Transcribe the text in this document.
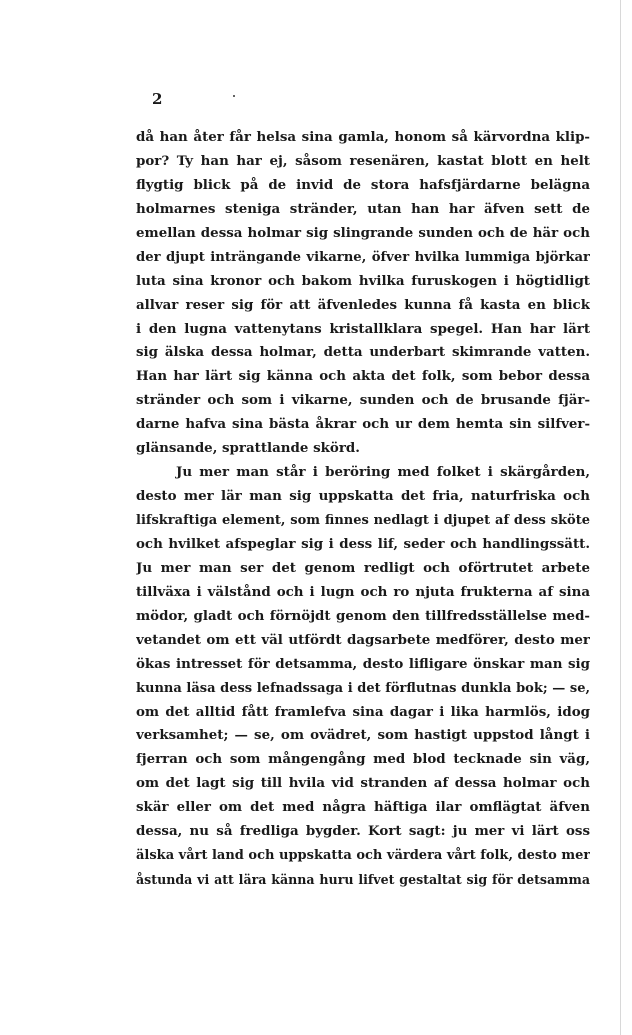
2
då han åter får helsa sina gamla, honom så kärvordna klip-
por? Ty han har ej, såsom resenären, kastat blott en helt
flygtig blick på de invid de stora hafsfjärdarne belägna
holmarnes steniga stränder, utan han har äfven sett de
emellan dessa holmar sig slingrande sunden och de här och
der djupt inträngande vikarne, öfver hvilka lummiga björkar
luta sina kronor och bakom hvilka furuskogen i högtidligt
allvar reser sig för att äfvenledes kunna få kasta en blick
i den lugna vattenytans kristallklara spegel. Han har lärt
sig älska dessa holmar, detta underbart skimrande vatten.
Han har lärt sig känna och akta det folk, som bebor dessa
stränder och som i vikarne, sunden och de brusande fjär-
darne hafva sina bästa åkrar och ur dem hemta sin silfver-
glänsande, sprattlande skörd.
Ju mer man står i beröring med folket i skärgården,
desto mer lär man sig uppskatta det fria, naturfriska och
lifskraftiga element, som finnes nedlagt i djupet af dess sköte
och hvilket afspeglar sig i dess lif, seder och handlingssätt.
Ju mer man ser det genom redligt och oförtrutet arbete
tillväxa i välstånd och i lugn och ro njuta frukterna af sina
mödor, gladt och förnöjdt genom den tillfredsställelse med-
vetandet om ett väl utfördt dagsarbete medförer, desto mer
ökas intresset för detsamma, desto lifligare önskar man sig
kunna läsa dess lefnadssaga i det förflutnas dunkla bok; — se,
om det alltid fått framlefva sina dagar i lika harmlös, idog
verksamhet; — se, om ovädret, som hastigt uppstod långt i
fjerran och som mångengång med blod tecknade sin väg,
om det lagt sig till hvila vid stranden af dessa holmar och
skär eller om det med några häftiga ilar omflägtat äfven
dessa, nu så fredliga bygder. Kort sagt: ju mer vi lärt oss
älska vårt land och uppskatta och värdera vårt folk, desto mer
åstunda vi att lära känna huru lifvet gestaltat sig för detsamma
